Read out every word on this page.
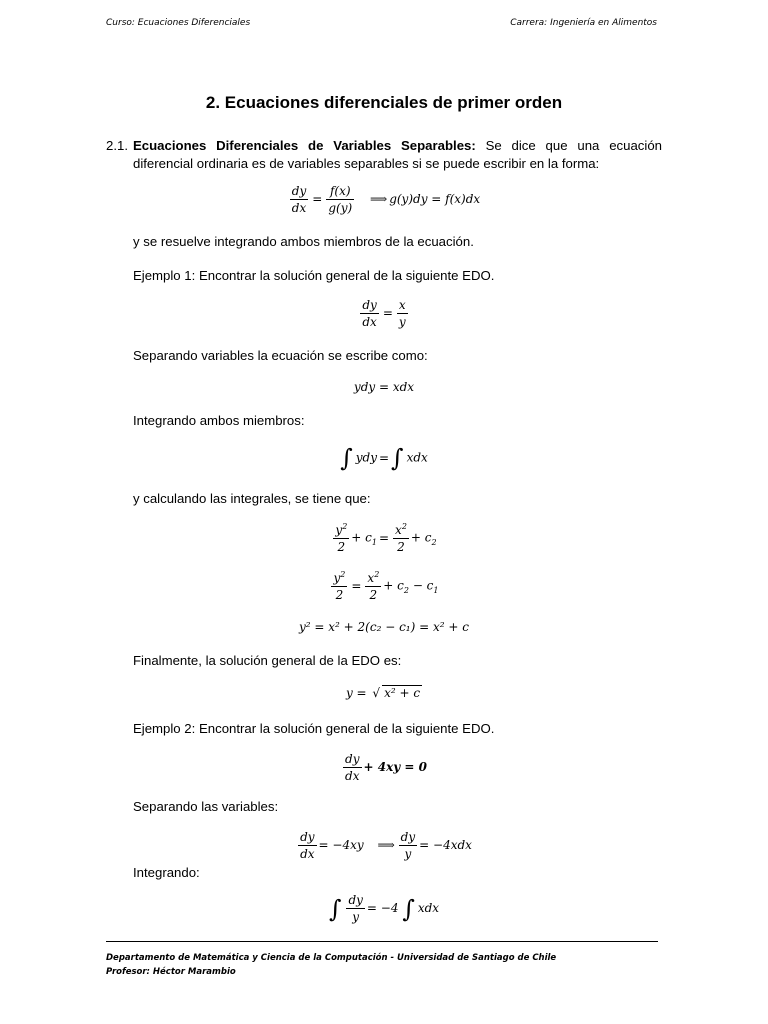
Curso: Ecuaciones Diferenciales	Carrera: Ingeniería en Alimentos
2. Ecuaciones diferenciales de primer orden
2.1. Ecuaciones Diferenciales de Variables Separables: Se dice que una ecuación diferencial ordinaria es de variables separables si se puede escribir en la forma:
$\frac{dy}{dx} = \frac{f(x)}{g(y)}$ ⟹ g(y)dy = f(x)dx
y se resuelve integrando ambos miembros de la ecuación.
Ejemplo 1: Encontrar la solución general de la siguiente EDO.
$\frac{dy}{dx} = \frac{x}{y}$
Separando variables la ecuación se escribe como:
ydy = xdx
Integrando ambos miembros:
∫ ydy =∫ xdx
y calculando las integrales, se tiene que:
$\frac{y^2}{2} + c_1 = \frac{x^2}{2} + c_2$
$\frac{y^2}{2} = \frac{x^2}{2} + c_2 - c_1$
y² = x² + 2(c₂ − c₁) = x² + c
Finalmente, la solución general de la EDO es:
y = √ x² + c
Ejemplo 2: Encontrar la solución general de la siguiente EDO.
$\frac{dy}{dx} + 4xy = 0$
Separando las variables:
$\frac{dy}{dx} = -4xy$ ⟹ $\frac{dy}{y} = -4xdx$
Integrando:
∫ $\frac{dy}{y} = -4$ ∫ xdx
Departamento de Matemática y Ciencia de la Computación - Universidad de Santiago de Chile
Profesor: Héctor Marambio
